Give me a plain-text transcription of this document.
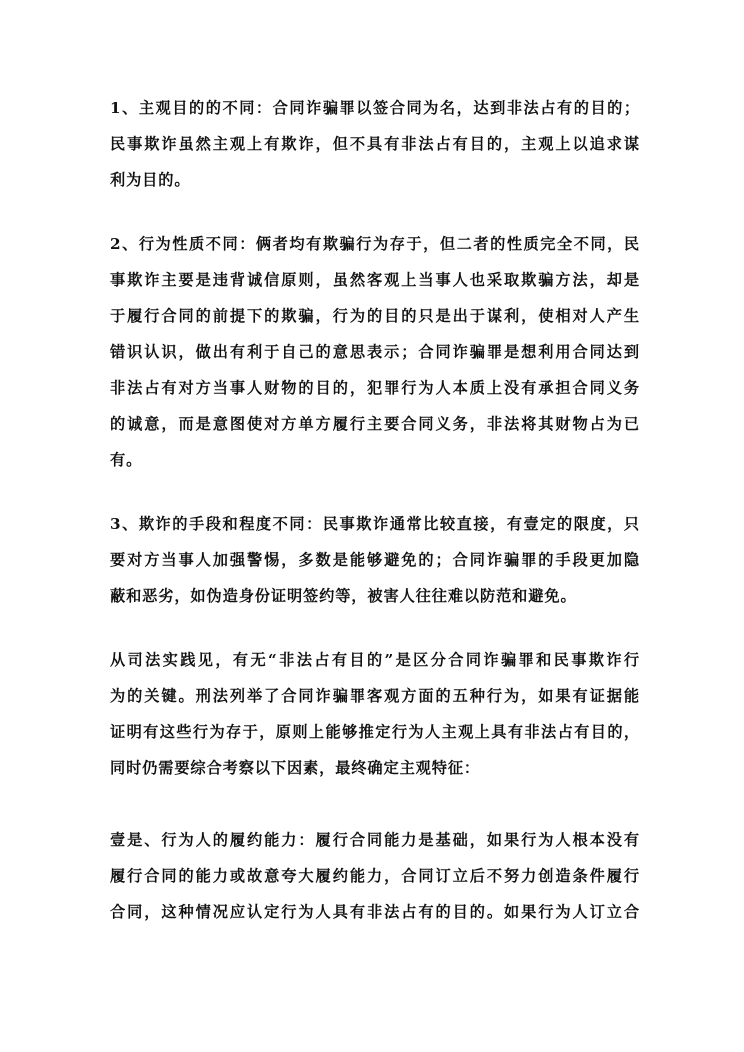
1、主观目的的不同：合同诈骗罪以签合同为名，达到非法占有的目的；
民事欺诈虽然主观上有欺诈，但不具有非法占有目的，主观上以追求谋
利为目的。
2、行为性质不同：俩者均有欺骗行为存于，但二者的性质完全不同，民
事欺诈主要是违背诚信原则，虽然客观上当事人也采取欺骗方法，却是
于履行合同的前提下的欺骗，行为的目的只是出于谋利，使相对人产生
错识认识，做出有利于自己的意思表示；合同诈骗罪是想利用合同达到
非法占有对方当事人财物的目的，犯罪行为人本质上没有承担合同义务
的诚意，而是意图使对方单方履行主要合同义务，非法将其财物占为已
有。
3、欺诈的手段和程度不同：民事欺诈通常比较直接，有壹定的限度，只
要对方当事人加强警惕，多数是能够避免的；合同诈骗罪的手段更加隐
蔽和恶劣，如伪造身份证明签约等，被害人往往难以防范和避免。
从司法实践见，有无“非法占有目的”是区分合同诈骗罪和民事欺诈行
为的关键。刑法列举了合同诈骗罪客观方面的五种行为，如果有证据能
证明有这些行为存于，原则上能够推定行为人主观上具有非法占有目的，
同时仍需要综合考察以下因素，最终确定主观特征：
壹是、行为人的履约能力：履行合同能力是基础，如果行为人根本没有
履行合同的能力或故意夸大履约能力，合同订立后不努力创造条件履行
合同，这种情况应认定行为人具有非法占有的目的。如果行为人订立合
